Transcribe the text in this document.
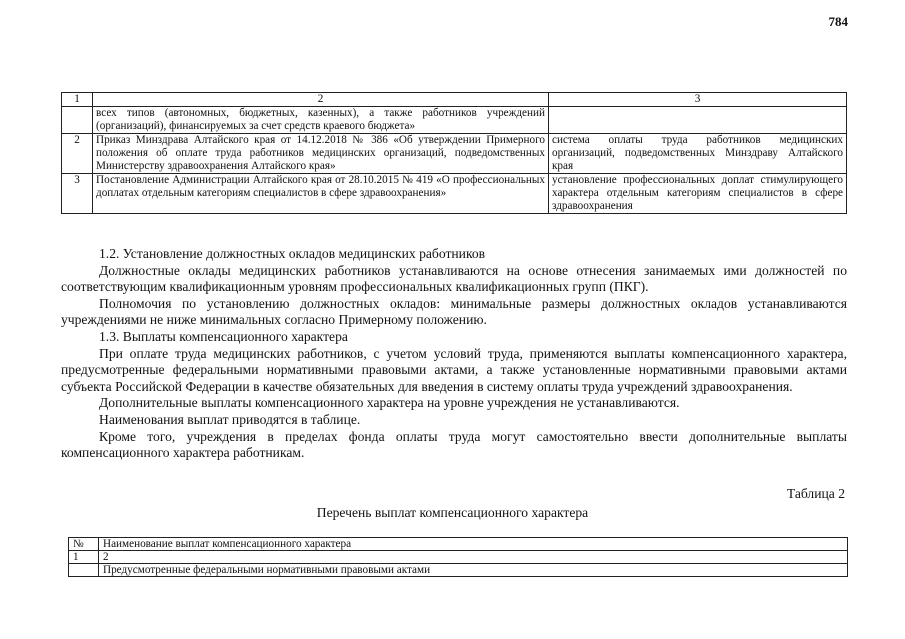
784
1	2	3
	всех типов (автономных, бюджетных, казенных), а также работников учреждений (организаций), финансируемых за счет средств краевого бюджета»	
2	Приказ Минздрава Алтайского края от 14.12.2018 № 386 «Об утверждении Примерного положения об оплате труда работников медицинских организаций, подведомственных Министерству здравоохранения Алтайского края»	система оплаты труда работников медицинских организаций, подведомственных Минздраву Алтайского края
3	Постановление Администрации Алтайского края от 28.10.2015 № 419 «О профессиональных доплатах отдельным категориям специалистов в сфере здравоохранения»	установление профессиональных доплат стимулирующего характера отдельным категориям специалистов в сфере здравоохранения

1.2. Установление должностных окладов медицинских работников

Должностные оклады медицинских работников устанавливаются на основе отнесения занимаемых ими должностей по соответствующим квалификационным уровням профессиональных квалификационных групп (ПКГ).

Полномочия по установлению должностных окладов: минимальные размеры должностных окладов устанавливаются учреждениями не ниже минимальных согласно Примерному положению.

1.3. Выплаты компенсационного характера

При оплате труда медицинских работников, с учетом условий труда, применяются выплаты компенсационного характера, предусмотренные федеральными нормативными правовыми актами, а также установленные нормативными правовыми актами субъекта Российской Федерации в качестве обязательных для введения в систему оплаты труда учреждений здравоохранения.

Дополнительные выплаты компенсационного характера на уровне учреждения не устанавливаются.

Наименования выплат приводятся в таблице.

Кроме того, учреждения в пределах фонда оплаты труда могут самостоятельно ввести дополнительные выплаты компенсационного характера работникам.

Таблица 2
Перечень выплат компенсационного характера
№	Наименование выплат компенсационного характера
1	2
	Предусмотренные федеральными нормативными правовыми актами
